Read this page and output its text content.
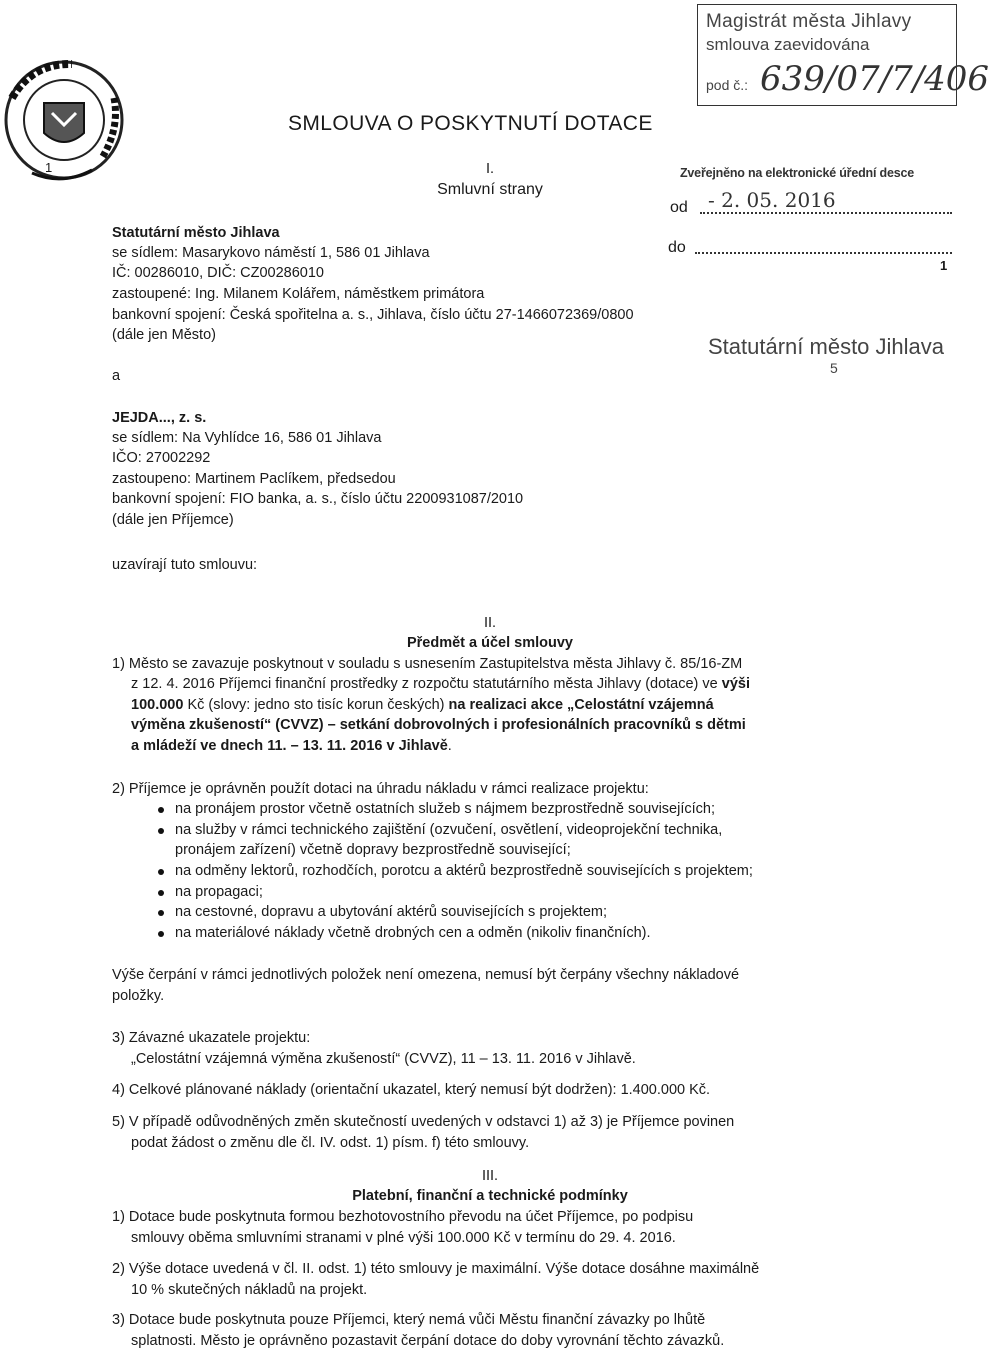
1
Magistrát města Jihlavy
smlouva zaevidována
pod č.: 639/07/7/406
SMLOUVA O POSKYTNUTÍ DOTACE
Zveřejněno na elektronické úřední desce
od - 2. 05. 2016
do
1
Statutární město Jihlava
5
I.
Smluvní strany
Statutární město Jihlava
se sídlem: Masarykovo náměstí 1, 586 01 Jihlava
IČ: 00286010, DIČ: CZ00286010
zastoupené: Ing. Milanem Kolářem, náměstkem primátora
bankovní spojení: Česká spořitelna a. s., Jihlava, číslo účtu 27-1466072369/0800
(dále jen Město)
a
JEJDA..., z. s.
se sídlem: Na Vyhlídce 16, 586 01 Jihlava
IČO: 27002292
zastoupeno: Martinem Paclíkem, předsedou
bankovní spojení: FIO banka, a. s., číslo účtu 2200931087/2010
(dále jen Příjemce)
uzavírají tuto smlouvu:
II.
Předmět a účel smlouvy
1) Město se zavazuje poskytnout v souladu s usnesením Zastupitelstva města Jihlavy č. 85/16-ZM
z 12. 4. 2016 Příjemci finanční prostředky z rozpočtu statutárního města Jihlavy (dotace) ve výši
100.000 Kč (slovy: jedno sto tisíc korun českých) na realizaci akce „Celostátní vzájemná
výměna zkušeností“ (CVVZ) – setkání dobrovolných i profesionálních pracovníků s dětmi
a mládeží ve dnech 11. – 13. 11. 2016 v Jihlavě.
2) Příjemce je oprávněn použít dotaci na úhradu nákladu v rámci realizace projektu:
na pronájem prostor včetně ostatních služeb s nájmem bezprostředně souvisejících;
na služby v rámci technického zajištění (ozvučení, osvětlení, videoprojekční technika,
pronájem zařízení) včetně dopravy bezprostředně související;
na odměny lektorů, rozhodčích, porotcu a aktérů bezprostředně souvisejících s projektem;
na propagaci;
na cestovné, dopravu a ubytování aktérů souvisejících s projektem;
na materiálové náklady včetně drobných cen a odměn (nikoliv finančních).
Výše čerpání v rámci jednotlivých položek není omezena, nemusí být čerpány všechny nákladové
položky.
3) Závazné ukazatele projektu:
„Celostátní vzájemná výměna zkušeností“ (CVVZ), 11 – 13. 11. 2016 v Jihlavě.
4) Celkové plánované náklady (orientační ukazatel, který nemusí být dodržen): 1.400.000 Kč.
5) V případě odůvodněných změn skutečností uvedených v odstavci 1) až 3) je Příjemce povinen
podat žádost o změnu dle čl. IV. odst. 1) písm. f) této smlouvy.
III.
Platební, finanční a technické podmínky
1) Dotace bude poskytnuta formou bezhotovostního převodu na účet Příjemce, po podpisu
smlouvy oběma smluvními stranami v plné výši 100.000 Kč v termínu do 29. 4. 2016.
2) Výše dotace uvedená v čl. II. odst. 1) této smlouvy je maximální. Výše dotace dosáhne maximálně
10 % skutečných nákladů na projekt.
3) Dotace bude poskytnuta pouze Příjemci, který nemá vůči Městu finanční závazky po lhůtě
splatnosti. Město je oprávněno pozastavit čerpání dotace do doby vyrovnání těchto závazků.
